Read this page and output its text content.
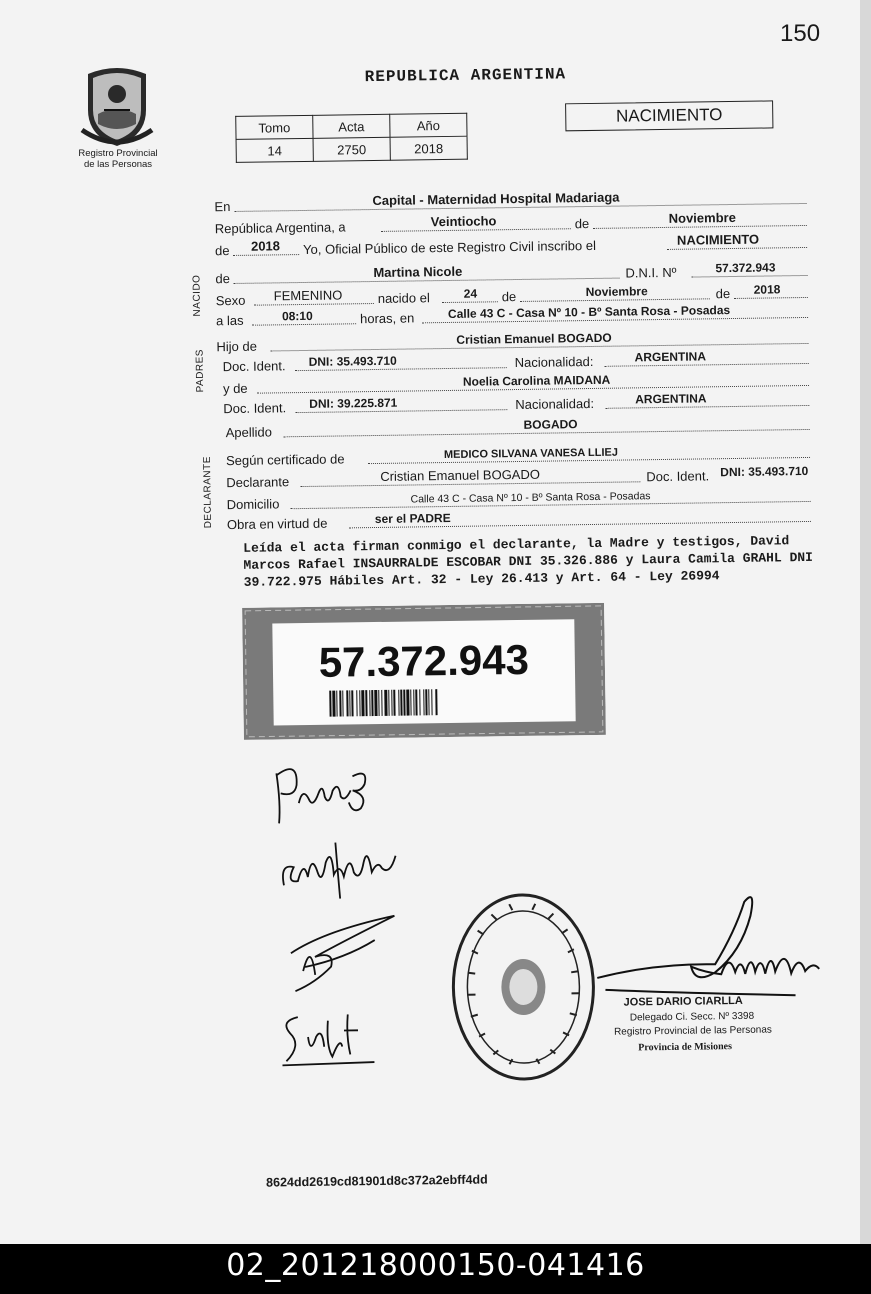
150
Registro Provincial de las Personas
REPUBLICA ARGENTINA
Tomo	Acta	Año
14	2750	2018
NACIMIENTO
En	Capital - Maternidad Hospital Madariaga
República Argentina, a	Veintiocho	de	Noviembre
de 2018 Yo, Oficial Público de este Registro Civil inscribo el	NACIMIENTO
de	Martina Nicole	D.N.I. Nº	57.372.943
Sexo FEMENINO	nacido el	24 de	Noviembre	de 2018
a las	08:10	horas, en	Calle 43 C - Casa Nº 10 - Bº Santa Rosa - Posadas
Hijo de	Cristian Emanuel BOGADO
Doc. Ident. DNI: 35.493.710	Nacionalidad:	ARGENTINA
y de	Noelia Carolina MAIDANA
Doc. Ident. DNI: 39.225.871	Nacionalidad:	ARGENTINA
Apellido	BOGADO
Según certificado de	MEDICO SILVANA VANESA LLIEJ
Declarante	Cristian Emanuel BOGADO	Doc. Ident. DNI: 35.493.710
Domicilio	Calle 43 C - Casa Nº 10 - Bº Santa Rosa - Posadas
Obra en virtud de	ser el PADRE
NACIDO
PADRES
DECLARANTE
Leída el acta firman conmigo el declarante, la Madre y testigos, David Marcos Rafael INSAURRALDE ESCOBAR DNI 35.326.886 y Laura Camila GRAHL DNI 39.722.975 Hábiles Art. 32 - Ley 26.413 y Art. 64 - Ley 26994
57.372.943
JOSE DARIO CIARLLA
Delegado Ci. Secc. Nº 3398
Registro Provincial de las Personas
Provincia de Misiones
8624dd2619cd81901d8c372a2ebff4dd
02_201218000150-041416
